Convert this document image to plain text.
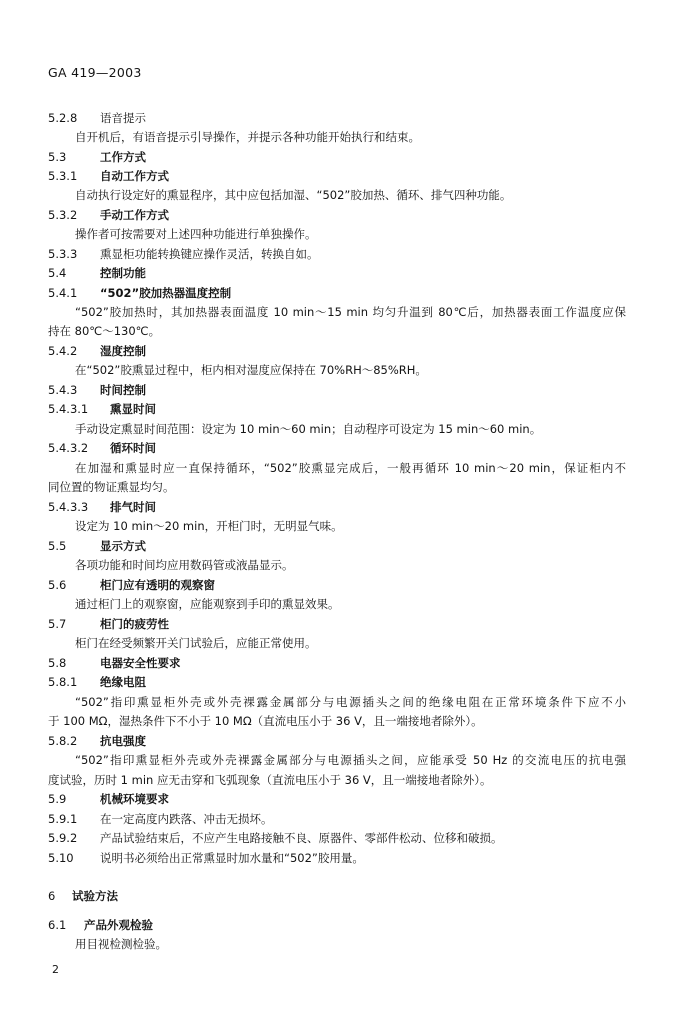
GA 419—2003
5.2.8 语音提示
自开机后，有语音提示引导操作，并提示各种功能开始执行和结束。
5.3	工作方式
5.3.1 自动工作方式
自动执行设定好的熏显程序，其中应包括加湿、“502”胶加热、循环、排气四种功能。
5.3.2 手动工作方式
操作者可按需要对上述四种功能进行单独操作。
5.3.3 熏显柜功能转换键应操作灵活，转换自如。
5.4	控制功能
5.4.1 “502”胶加热器温度控制
“502”胶加热时，其加热器表面温度 10 min～15 min 均匀升温到 80℃后，加热器表面工作温度应保
持在 80℃～130℃。
5.4.2 湿度控制
在“502”胶熏显过程中，柜内相对湿度应保持在 70%RH～85%RH。
5.4.3 时间控制
5.4.3.1 熏显时间
手动设定熏显时间范围：设定为 10 min～60 min；自动程序可设定为 15 min～60 min。
5.4.3.2 循环时间
在加湿和熏显时应一直保持循环，“502”胶熏显完成后，一般再循环 10 min～20 min，保证柜内不
同位置的物证熏显均匀。
5.4.3.3 排气时间
设定为 10 min～20 min，开柜门时，无明显气味。
5.5	显示方式
各项功能和时间均应用数码管或液晶显示。
5.6	柜门应有透明的观察窗
通过柜门上的观察窗，应能观察到手印的熏显效果。
5.7	柜门的疲劳性
柜门在经受频繁开关门试验后，应能正常使用。
5.8	电器安全性要求
5.8.1 绝缘电阻
“502”指印熏显柜外壳或外壳裸露金属部分与电源插头之间的绝缘电阻在正常环境条件下应不小
于 100 MΩ，湿热条件下不小于 10 MΩ（直流电压小于 36 V，且一端接地者除外）。
5.8.2 抗电强度
“502”指印熏显柜外壳或外壳裸露金属部分与电源插头之间，应能承受 50 Hz 的交流电压的抗电强
度试验，历时 1 min 应无击穿和飞弧现象（直流电压小于 36 V，且一端接地者除外）。
5.9	机械环境要求
5.9.1 在一定高度内跌落、冲击无损坏。
5.9.2 产品试验结束后，不应产生电路接触不良、原器件、零部件松动、位移和破损。
5.10 说明书必须给出正常熏显时加水量和“502”胶用量。
6 试验方法
6.1 产品外观检验
用目视检测检验。
2
